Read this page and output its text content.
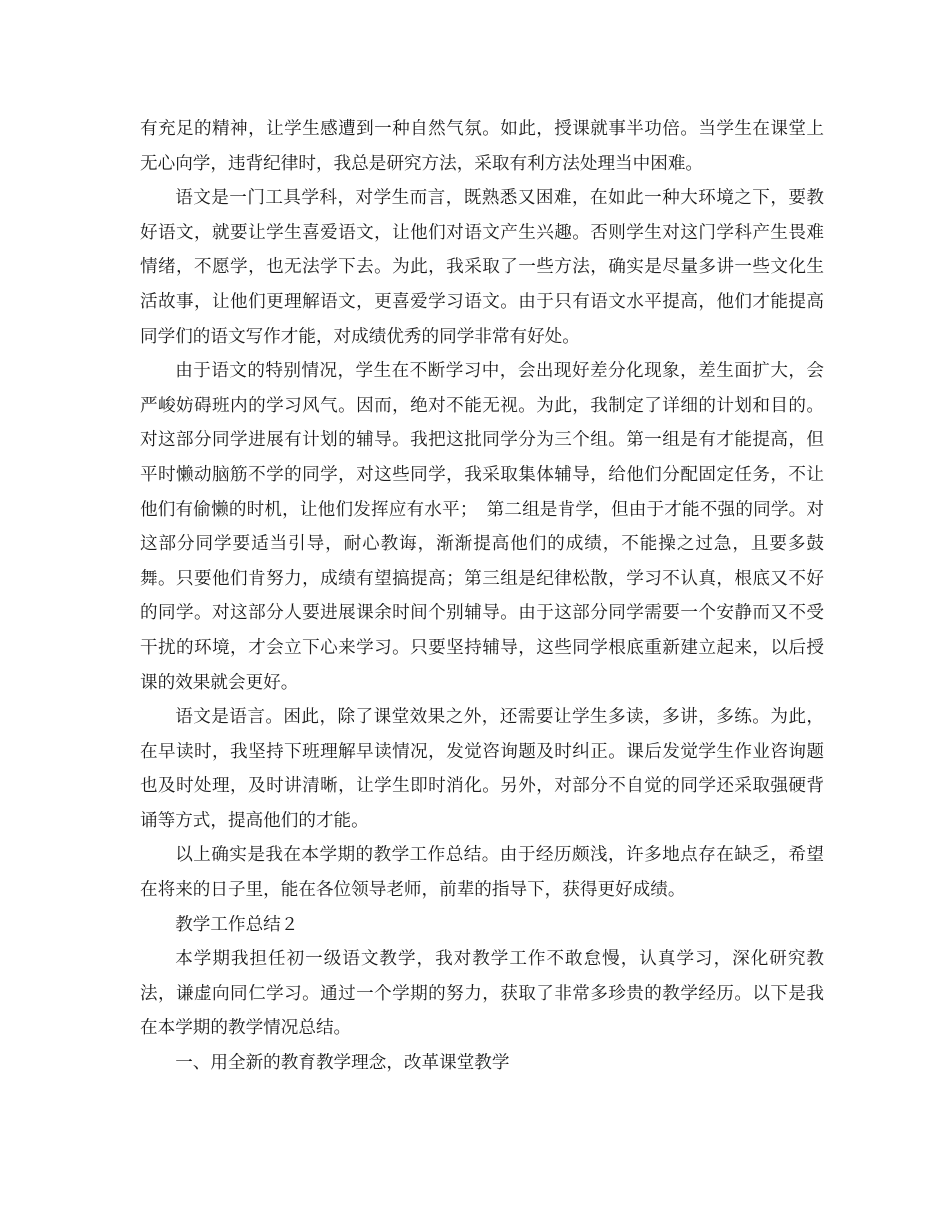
有充足的精神，让学生感遭到一种自然气氛。如此，授课就事半功倍。当学生在课堂上无心向学，违背纪律时，我总是研究方法，采取有利方法处理当中困难。

语文是一门工具学科，对学生而言，既熟悉又困难，在如此一种大环境之下，要教好语文，就要让学生喜爱语文，让他们对语文产生兴趣。否则学生对这门学科产生畏难情绪，不愿学，也无法学下去。为此，我采取了一些方法，确实是尽量多讲一些文化生活故事，让他们更理解语文，更喜爱学习语文。由于只有语文水平提高，他们才能提高同学们的语文写作才能，对成绩优秀的同学非常有好处。

由于语文的特别情况，学生在不断学习中，会出现好差分化现象，差生面扩大，会严峻妨碍班内的学习风气。因而，绝对不能无视。为此，我制定了详细的计划和目的。对这部分同学进展有计划的辅导。我把这批同学分为三个组。第一组是有才能提高，但平时懒动脑筋不学的同学，对这些同学，我采取集体辅导，给他们分配固定任务，不让他们有偷懒的时机，让他们发挥应有水平；　第二组是肯学，但由于才能不强的同学。对这部分同学要适当引导，耐心教诲，渐渐提高他们的成绩，不能操之过急，且要多鼓舞。只要他们肯努力，成绩有望搞提高；第三组是纪律松散，学习不认真，根底又不好的同学。对这部分人要进展课余时间个别辅导。由于这部分同学需要一个安静而又不受干扰的环境，才会立下心来学习。只要坚持辅导，这些同学根底重新建立起来，以后授课的效果就会更好。

语文是语言。困此，除了课堂效果之外，还需要让学生多读，多讲，多练。为此，在早读时，我坚持下班理解早读情况，发觉咨询题及时纠正。课后发觉学生作业咨询题也及时处理，及时讲清晰，让学生即时消化。另外，对部分不自觉的同学还采取强硬背诵等方式，提高他们的才能。

以上确实是我在本学期的教学工作总结。由于经历颇浅，许多地点存在缺乏，希望在将来的日子里，能在各位领导老师，前辈的指导下，获得更好成绩。

教学工作总结２

本学期我担任初一级语文教学，我对教学工作不敢怠慢，认真学习，深化研究教法，谦虚向同仁学习。通过一个学期的努力，获取了非常多珍贵的教学经历。以下是我在本学期的教学情况总结。

一、用全新的教育教学理念，改革课堂教学
